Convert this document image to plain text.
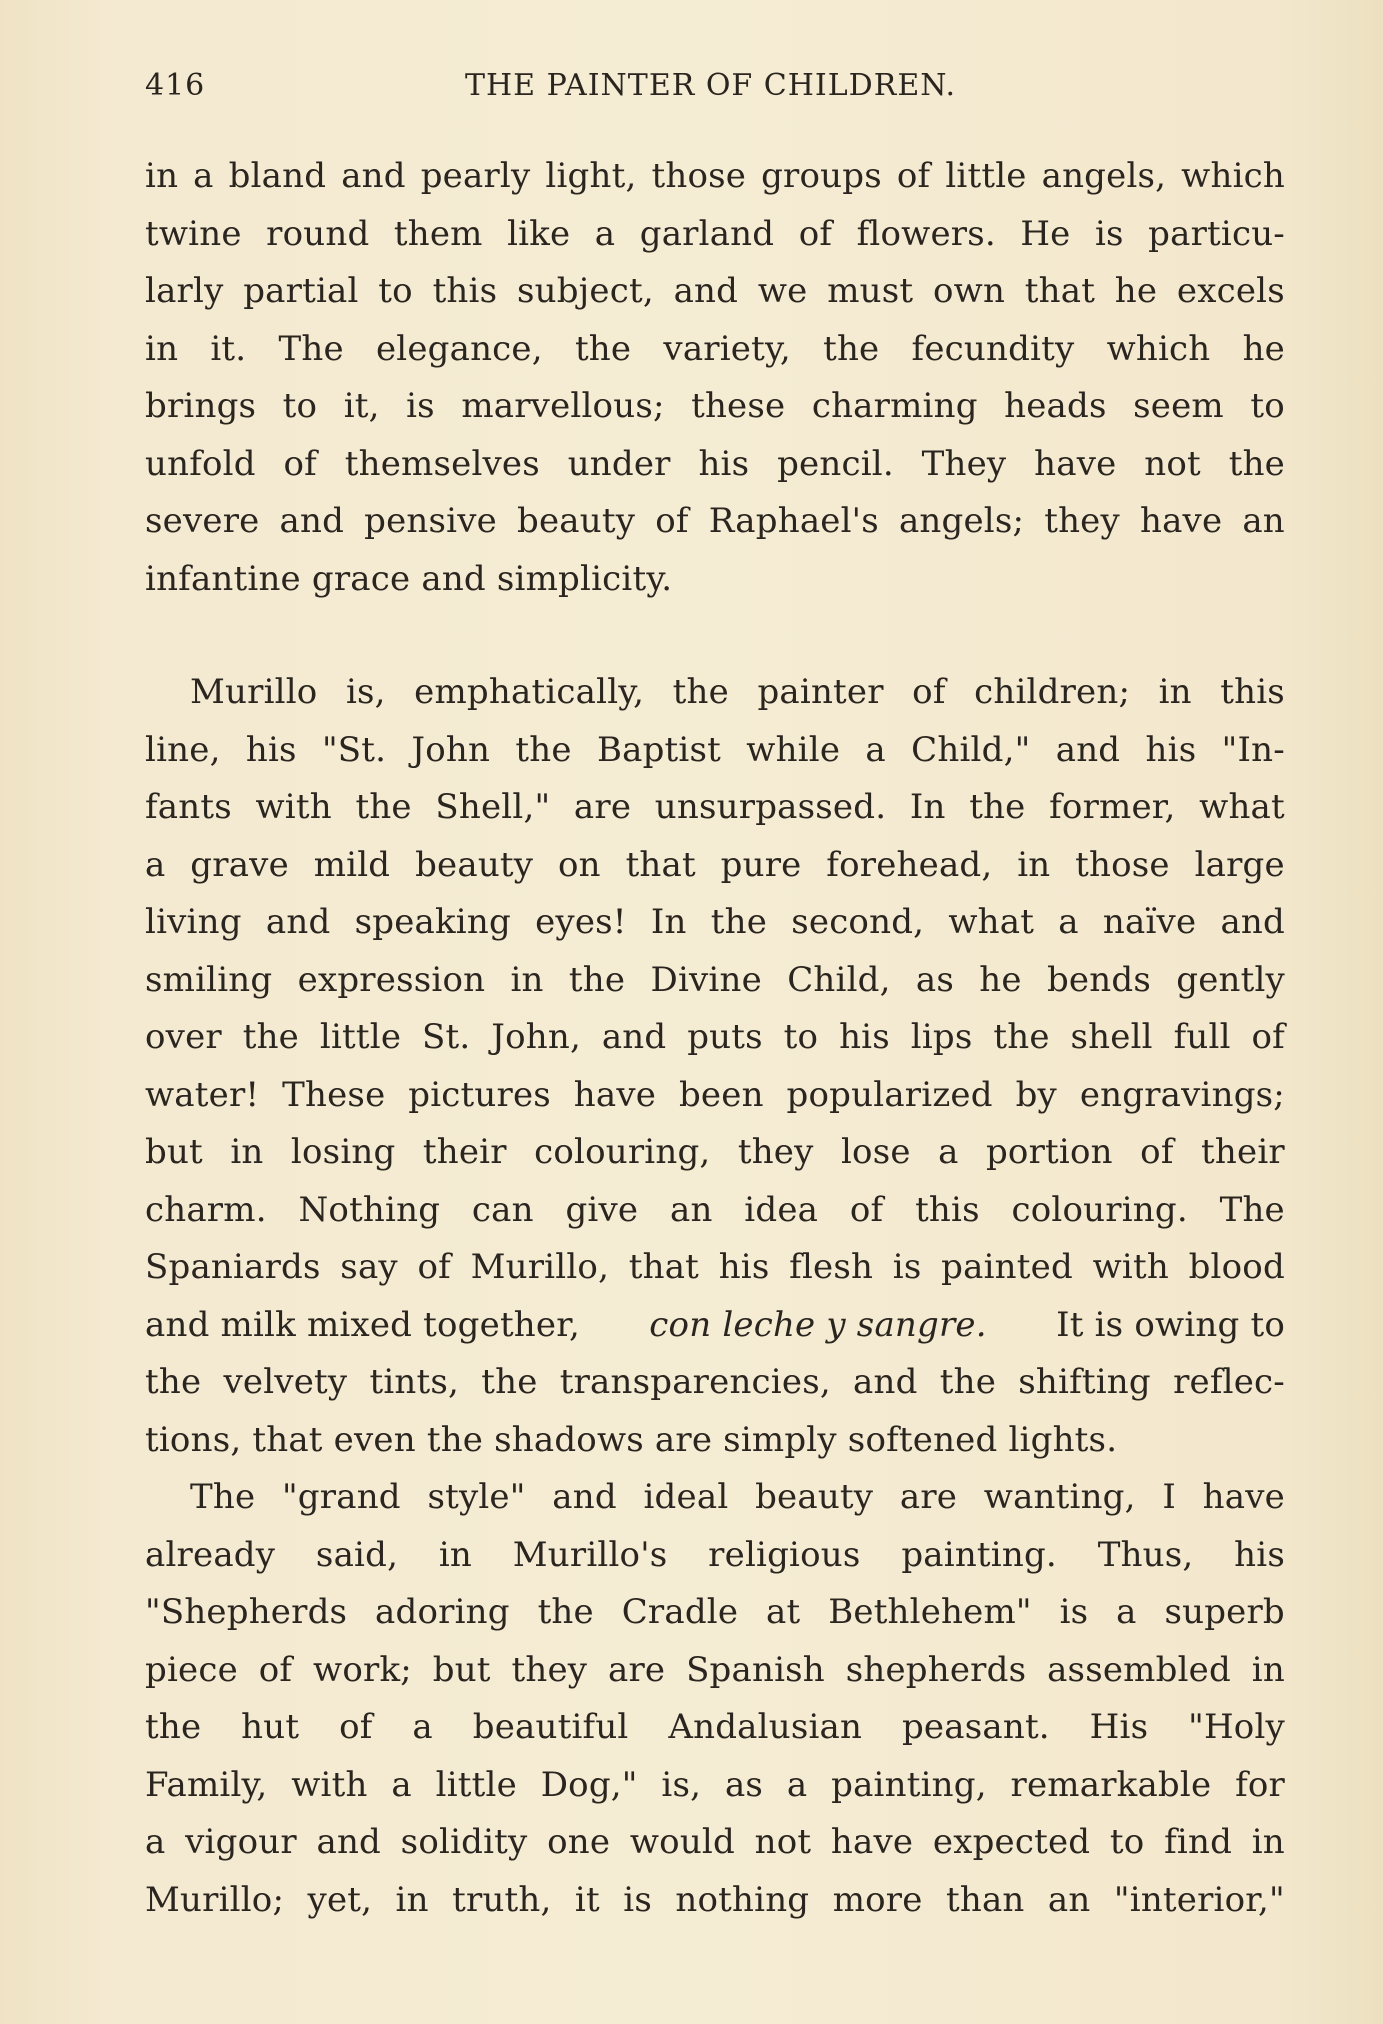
416	THE PAINTER OF CHILDREN.
in a bland and pearly light, those groups of little angels, which
twine round them like a garland of flowers. He is particu-
larly partial to this subject, and we must own that he excels
in it. The elegance, the variety, the fecundity which he
brings to it, is marvellous; these charming heads seem to
unfold of themselves under his pencil. They have not the
severe and pensive beauty of Raphael's angels; they have an
infantine grace and simplicity.
Murillo is, emphatically, the painter of children; in this
line, his "St. John the Baptist while a Child," and his "In-
fants with the Shell," are unsurpassed. In the former, what
a grave mild beauty on that pure forehead, in those large
living and speaking eyes! In the second, what a naïve and
smiling expression in the Divine Child, as he bends gently
over the little St. John, and puts to his lips the shell full of
water! These pictures have been popularized by engravings;
but in losing their colouring, they lose a portion of their
charm. Nothing can give an idea of this colouring. The
Spaniards say of Murillo, that his flesh is painted with blood
and milk mixed together, con leche y sangre. It is owing to
the velvety tints, the transparencies, and the shifting reflec-
tions, that even the shadows are simply softened lights.
The "grand style" and ideal beauty are wanting, I have
already said, in Murillo's religious painting. Thus, his
"Shepherds adoring the Cradle at Bethlehem" is a superb
piece of work; but they are Spanish shepherds assembled in
the hut of a beautiful Andalusian peasant. His "Holy
Family, with a little Dog," is, as a painting, remarkable for
a vigour and solidity one would not have expected to find in
Murillo; yet, in truth, it is nothing more than an "interior,"
